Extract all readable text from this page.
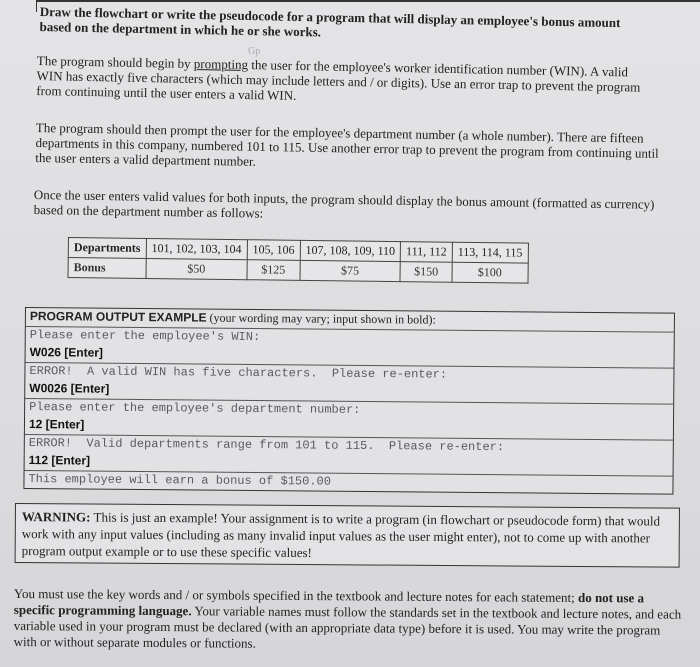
Draw the flowchart or write the pseudocode for a program that will display an employee's bonus amount based on the department in which he or she works.

The program should begin by prompting the user for the employee's worker identification number (WIN). A valid WIN has exactly five characters (which may include letters and / or digits). Use an error trap to prevent the program from continuing until the user enters a valid WIN.

Gp

The program should then prompt the user for the employee's department number (a whole number). There are fifteen departments in this company, numbered 101 to 115. Use another error trap to prevent the program from continuing until the user enters a valid department number.

Once the user enters valid values for both inputs, the program should display the bonus amount (formatted as currency) based on the department number as follows:

Departments	101, 102, 103, 104	105, 106	107, 108, 109, 110	111, 112	113, 114, 115
Bonus	$50	$125	$75	$150	$100
PROGRAM OUTPUT EXAMPLE (your wording may vary; input shown in bold):
Please enter the employee's WIN:
W026 [Enter]
ERROR!  A valid WIN has five characters.  Please re-enter:
W0026 [Enter]
Please enter the employee's department number:
12 [Enter]
ERROR!  Valid departments range from 101 to 115.  Please re-enter:
112 [Enter]
This employee will earn a bonus of $150.00
WARNING: This is just an example! Your assignment is to write a program (in flowchart or pseudocode form) that would work with any input values (including as many invalid input values as the user might enter), not to come up with another program output example or to use these specific values!

You must use the key words and / or symbols specified in the textbook and lecture notes for each statement; do not use a specific programming language. Your variable names must follow the standards set in the textbook and lecture notes, and each variable used in your program must be declared (with an appropriate data type) before it is used. You may write the program with or without separate modules or functions.
